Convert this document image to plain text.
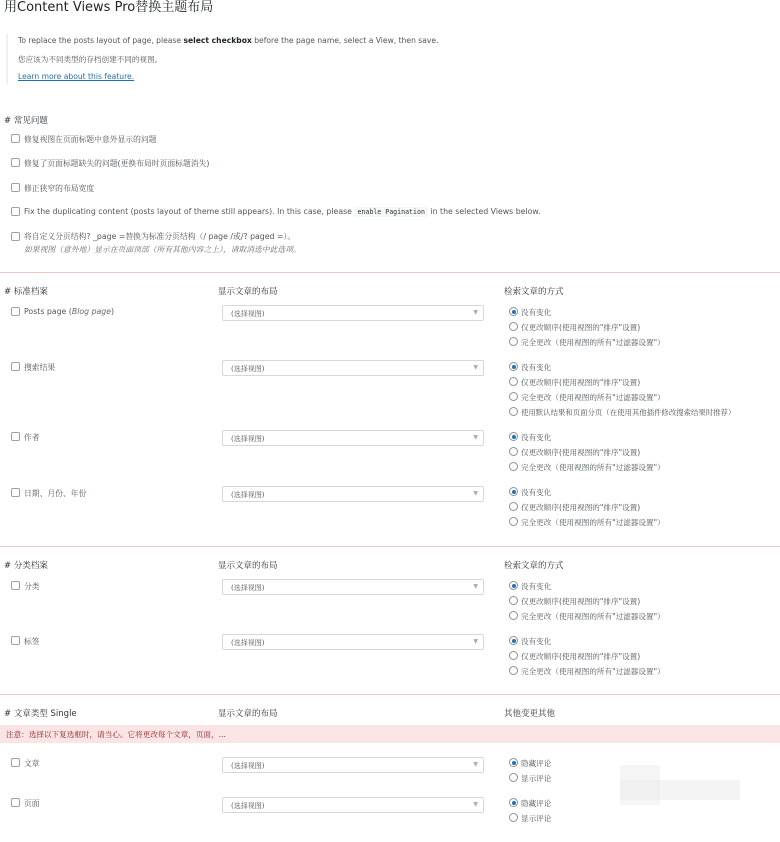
用Content Views Pro替换主题布局
To replace the posts layout of page, please select checkbox before the page name, select a View, then save.
您应该为不同类型的存档创建不同的视图。
Learn more about this feature.
# 常见问题
修复视图在页面标题中意外显示的问题
修复了页面标题缺失的问题(更换布局时页面标题消失)
修正狭窄的布局宽度
Fix the duplicating content (posts layout of theme still appears). In this case, please enable Pagination in the selected Views below.
将自定义分页结构? _page =替换为标准分页结构（/ page /或/? paged =）。
如果视图（意外地）显示在页面顶部（所有其他内容之上），请取消选中此选项。
# 标准档案	显示文章的布局	检索文章的方式
Posts page (Blog page)	(选择视图)	▼	没有变化
仅更改顺序(使用视图的"排序"设置)
完全更改（使用视图的所有"过滤器设置"）
搜索结果	(选择视图)	▼	没有变化
仅更改顺序(使用视图的"排序"设置)
完全更改（使用视图的所有"过滤器设置"）
使用默认结果和页面分页（在使用其他插件修改搜索结果时推荐）
作者	(选择视图)	▼	没有变化
仅更改顺序(使用视图的"排序"设置)
完全更改（使用视图的所有"过滤器设置"）
日期、月份、年份	(选择视图)	▼	没有变化
仅更改顺序(使用视图的"排序"设置)
完全更改（使用视图的所有"过滤器设置"）
# 分类档案	显示文章的布局	检索文章的方式
分类	(选择视图)	▼	没有变化
仅更改顺序(使用视图的"排序"设置)
完全更改（使用视图的所有"过滤器设置"）
标签	(选择视图)	▼	没有变化
仅更改顺序(使用视图的"排序"设置)
完全更改（使用视图的所有"过滤器设置"）
# 文章类型 Single	显示文章的布局	其他变更其他
注意：选择以下复选框时，请当心。它将更改每个文章，页面，...
文章	(选择视图)	▼	隐藏评论
显示评论
页面	(选择视图)	▼	隐藏评论
显示评论
